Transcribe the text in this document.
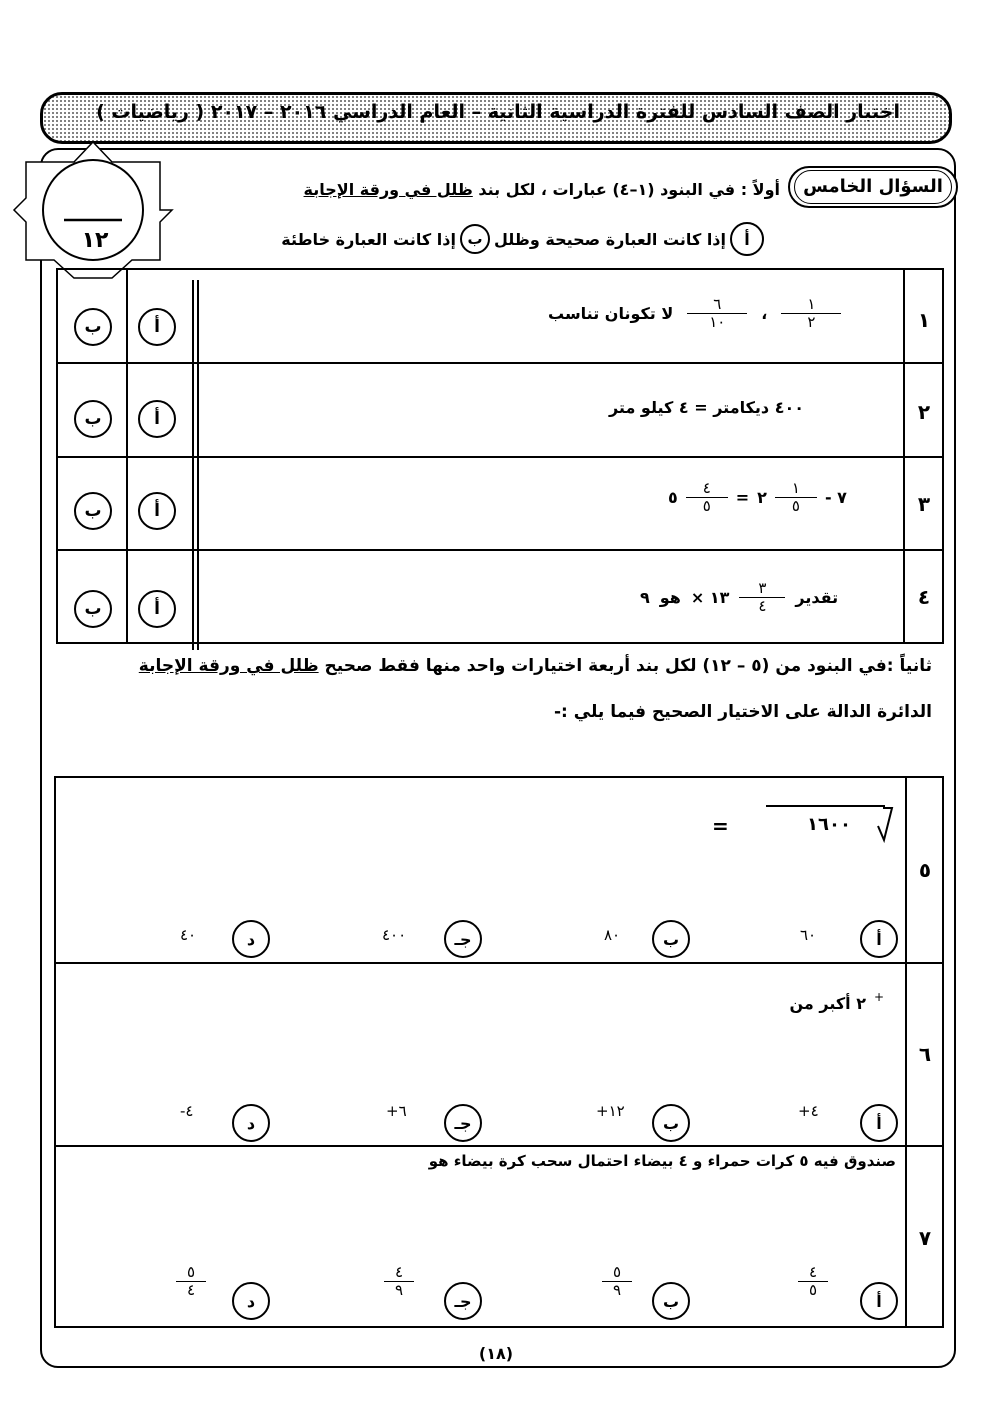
اختبار الصف السادس للفترة الدراسية الثانية – العام الدراسي ٢٠١٦ – ٢٠١٧ ( رياضيات )
١٢
السؤال الخامس
أولاً : في البنود (١–٤) عبارات ، لكل بند ظلل في ورقة الإجابة
أ
إذا كانت العبارة صحيحة وظلل
ب
إذا كانت العبارة خاطئة
١
٢
٣
٤
أ
ب
أ
ب
أ
ب
أ
ب
لا تكونان تناسب $\frac{٦}{١٠}$ ، $\frac{١}{٢}$
٤٠٠ ديكامتر = ٤ كيلو متر
٥ $\frac{٤}{٥}$ = ٢ $\frac{١}{٥}$ ٧ -
٩ هو × ١٣ $\frac{٣}{٤}$ تقدير
ثانياً :في البنود من (٥ – ١٢) لكل بند أربعة اختيارات واحد منها فقط صحيح ظلل في ورقة الإجابة
الدائرة الدالة على الاختيار الصحيح فيما يلي :-
٥
٦
٧
١٦٠٠
=
٢ أكبر من +
صندوق فيه ٥ كرات حمراء و ٤ بيضاء احتمال سحب كرة بيضاء هو
أ
٦٠
ب
٨٠
جـ
٤٠٠
د
٤٠
أ
+٤
ب
+١٢
جـ
+٦
د
-٤
أ
٤
٥
ب
٥
٩
جـ
٤
٩
د
٥
٤
(١٨)
